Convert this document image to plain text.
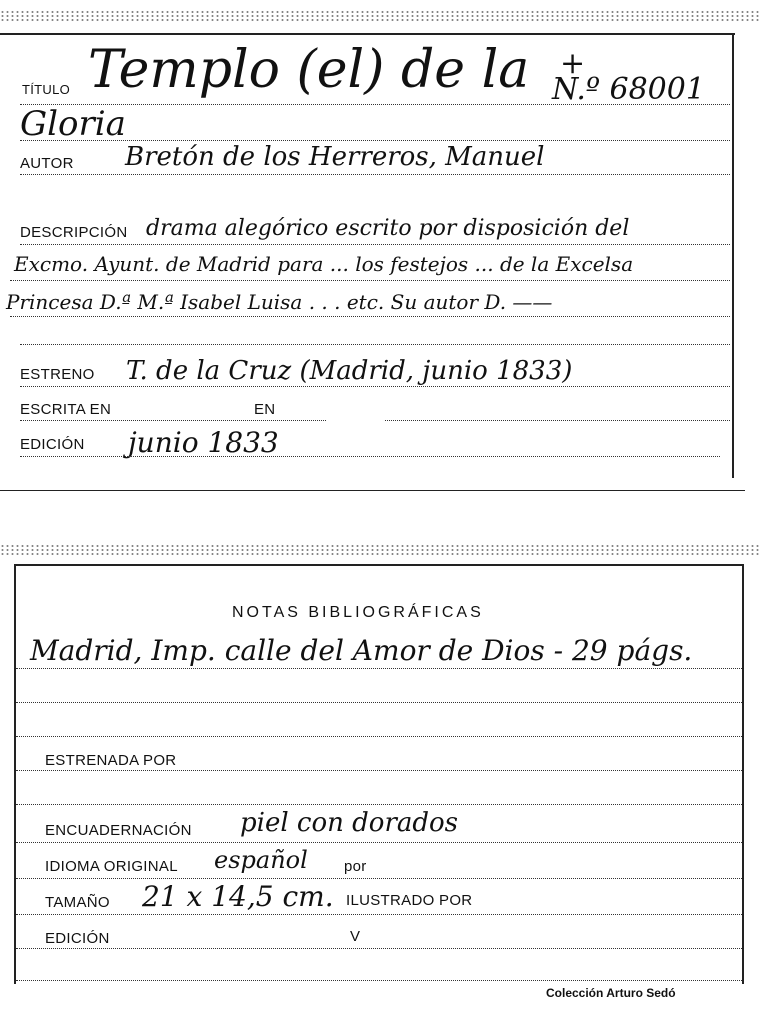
TÍTULO Templo (el) de la +
N.º 68001
Gloria
AUTOR Bretón de los Herreros, Manuel
DESCRIPCIÓN drama alegórico escrito por disposición del
Excmo. Ayunt. de Madrid para ... los festejos ... de la Excelsa
Princesa D.ª M.ª Isabel Luisa . . . etc. Su autor D. ——
ESTRENO T. de la Cruz (Madrid, junio 1833)
ESCRITA EN	EN
EDICIÓN junio 1833
NOTAS BIBLIOGRÁFICAS
Madrid, Imp. calle del Amor de Dios - 29 págs.
ESTRENADA POR
ENCUADERNACIÓN piel con dorados
IDIOMA ORIGINAL español por
TAMAÑO 21 x 14,5 cm. ILUSTRADO POR
EDICIÓN	V
Colección Arturo Sedó
